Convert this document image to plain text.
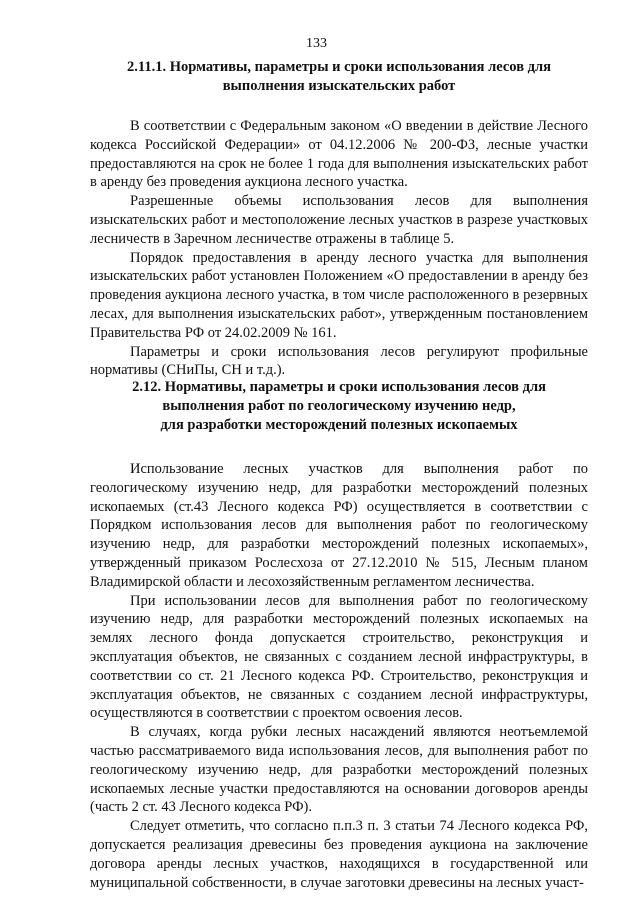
133
2.11.1. Нормативы, параметры и сроки использования лесов для
выполнения изыскательских работ

В соответствии с Федеральным законом «О введении в действие Лесного кодекса Российской Федерации» от 04.12.2006 № 200-ФЗ, лесные участки предоставляются на срок не более 1 года для выполнения изыскательских работ в аренду без проведения аукциона лесного участка.

Разрешенные объемы использования лесов для выполнения изыскательских работ и местоположение лесных участков в разрезе участковых лесничеств в Заречном лесничестве отражены в таблице 5.

Порядок предоставления в аренду лесного участка для выполнения изыскательских работ установлен Положением «О предоставлении в аренду без проведения аукциона лесного участка, в том числе расположенного в резервных лесах, для выполнения изыскательских работ», утвержденным постановлением Правительства РФ от 24.02.2009 № 161.

Параметры и сроки использования лесов регулируют профильные нормативы (СНиПы, СН и т.д.).

2.12. Нормативы, параметры и сроки использования лесов для
выполнения работ по геологическому изучению недр,
для разработки месторождений полезных ископаемых

Использование лесных участков для выполнения работ по геологическому изучению недр, для разработки месторождений полезных ископаемых (ст.43 Лесного кодекса РФ) осуществляется в соответствии с Порядком использования лесов для выполнения работ по геологическому изучению недр, для разработки месторождений полезных ископаемых», утвержденный приказом Рослесхоза от 27.12.2010 № 515, Лесным планом Владимирской области и лесохозяйственным регламентом лесничества.

При использовании лесов для выполнения работ по геологическому изучению недр, для разработки месторождений полезных ископаемых на землях лесного фонда допускается строительство, реконструкция и эксплуатация объектов, не связанных с созданием лесной инфраструктуры, в соответствии со ст. 21 Лесного кодекса РФ. Строительство, реконструкция и эксплуатация объектов, не связанных с созданием лесной инфраструктуры, осуществляются в соответствии с проектом освоения лесов.

В случаях, когда рубки лесных насаждений являются неотъемлемой частью рассматриваемого вида использования лесов, для выполнения работ по геологическому изучению недр, для разработки месторождений полезных ископаемых лесные участки предоставляются на основании договоров аренды (часть 2 ст. 43 Лесного кодекса РФ).

Следует отметить, что согласно п.п.3 п. 3 статьи 74 Лесного кодекса РФ, допускается реализация древесины без проведения аукциона на заключение договора аренды лесных участков, находящихся в государственной или муниципальной собственности, в случае заготовки древесины на лесных участ-
